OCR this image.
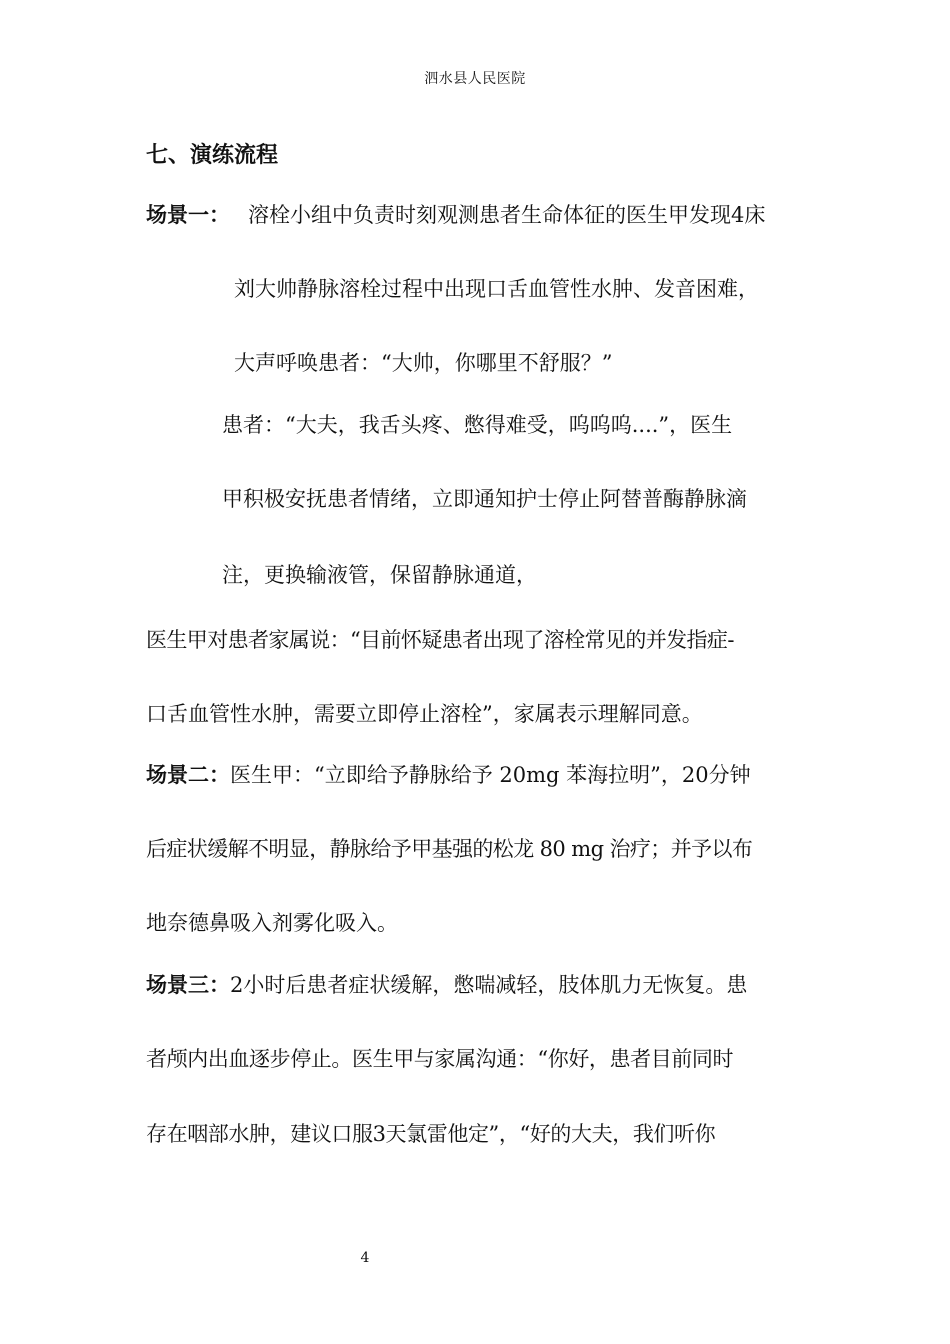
泗水县人民医院
七、演练流程
场景一： 溶栓小组中负责时刻观测患者生命体征的医生甲发现4床
刘大帅静脉溶栓过程中出现口舌血管性水肿、发音困难，
大声呼唤患者：“大帅，你哪里不舒服？”
患者：“大夫，我舌头疼、憋得难受，呜呜呜....”，医生
甲积极安抚患者情绪，立即通知护士停止阿替普酶静脉滴
注，更换输液管，保留静脉通道，
医生甲对患者家属说：“目前怀疑患者出现了溶栓常见的并发指症-
口舌血管性水肿，需要立即停止溶栓”，家属表示理解同意。
场景二：医生甲：“立即给予静脉给予 20mg 苯海拉明”，20分钟
后症状缓解不明显，静脉给予甲基强的松龙 80 mg 治疗；并予以布
地奈德鼻吸入剂雾化吸入。
场景三：2小时后患者症状缓解，憋喘减轻，肢体肌力无恢复。患
者颅内出血逐步停止。医生甲与家属沟通：“你好，患者目前同时
存在咽部水肿，建议口服3天氯雷他定”，“好的大夫，我们听你
4
